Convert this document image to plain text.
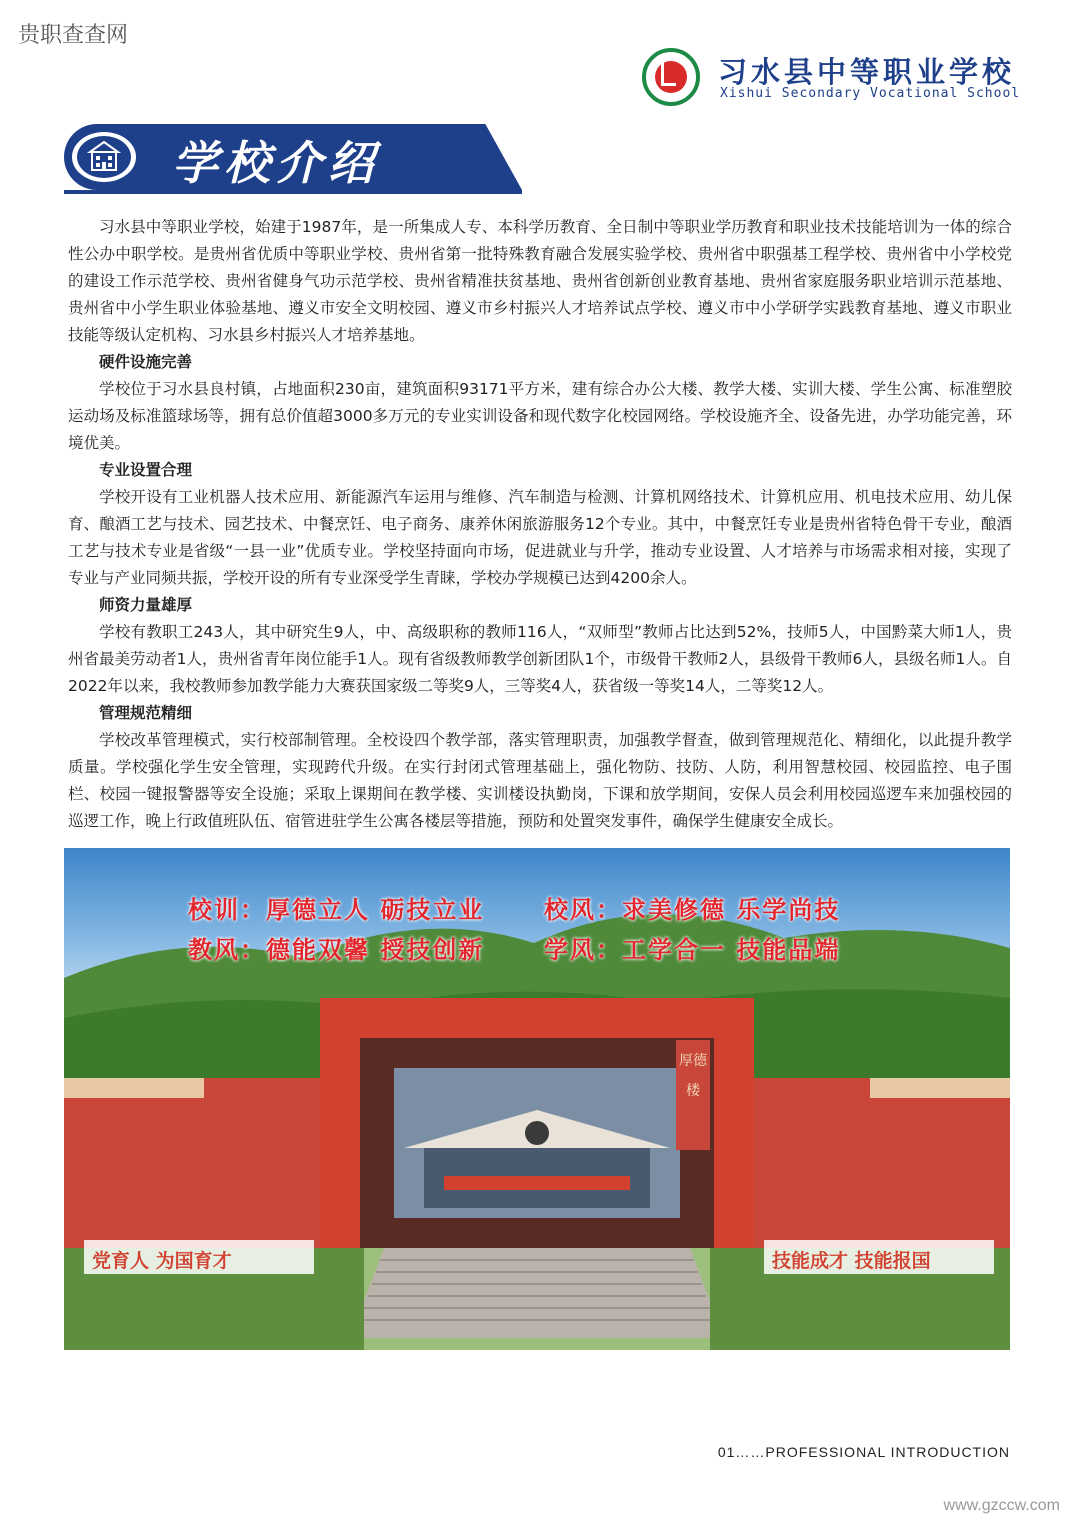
贵职查查网
习水县中等职业学校
Xishui Secondary Vocational School
学校介绍

习水县中等职业学校，始建于1987年，是一所集成人专、本科学历教育、全日制中等职业学历教育和职业技术技能培训为一体的综合性公办中职学校。是贵州省优质中等职业学校、贵州省第一批特殊教育融合发展实验学校、贵州省中职强基工程学校、贵州省中小学校党的建设工作示范学校、贵州省健身气功示范学校、贵州省精准扶贫基地、贵州省创新创业教育基地、贵州省家庭服务职业培训示范基地、贵州省中小学生职业体验基地、遵义市安全文明校园、遵义市乡村振兴人才培养试点学校、遵义市中小学研学实践教育基地、遵义市职业技能等级认定机构、习水县乡村振兴人才培养基地。

硬件设施完善

学校位于习水县良村镇，占地面积230亩，建筑面积93171平方米，建有综合办公大楼、教学大楼、实训大楼、学生公寓、标准塑胶运动场及标准篮球场等，拥有总价值超3000多万元的专业实训设备和现代数字化校园网络。学校设施齐全、设备先进，办学功能完善，环境优美。

专业设置合理

学校开设有工业机器人技术应用、新能源汽车运用与维修、汽车制造与检测、计算机网络技术、计算机应用、机电技术应用、幼儿保育、酿酒工艺与技术、园艺技术、中餐烹饪、电子商务、康养休闲旅游服务12个专业。其中，中餐烹饪专业是贵州省特色骨干专业，酿酒工艺与技术专业是省级“一县一业”优质专业。学校坚持面向市场，促进就业与升学，推动专业设置、人才培养与市场需求相对接，实现了专业与产业同频共振，学校开设的所有专业深受学生青睐，学校办学规模已达到4200余人。

师资力量雄厚

学校有教职工243人，其中研究生9人，中、高级职称的教师116人，“双师型”教师占比达到52%，技师5人，中国黔菜大师1人，贵州省最美劳动者1人，贵州省青年岗位能手1人。现有省级教师教学创新团队1个，市级骨干教师2人，县级骨干教师6人，县级名师1人。自2022年以来，我校教师参加教学能力大赛获国家级二等奖9人，三等奖4人，获省级一等奖14人，二等奖12人。

管理规范精细

学校改革管理模式，实行校部制管理。全校设四个教学部，落实管理职责，加强教学督查，做到管理规范化、精细化，以此提升教学质量。学校强化学生安全管理，实现跨代升级。在实行封闭式管理基础上，强化物防、技防、人防，利用智慧校园、校园监控、电子围栏、校园一键报警器等安全设施；采取上课期间在教学楼、实训楼设执勤岗，下课和放学期间，安保人员会利用校园巡逻车来加强校园的巡逻工作，晚上行政值班队伍、宿管进驻学生公寓各楼层等措施，预防和处置突发事件，确保学生健康安全成长。

校训：厚德立人 砺技立业 校风：求美修德 乐学尚技
教风：德能双馨 授技创新 学风：工学合一 技能品端
厚德楼
党育人 为国育才	技能成才 技能报国
01……PROFESSIONAL INTRODUCTION
www.gzccw.com
